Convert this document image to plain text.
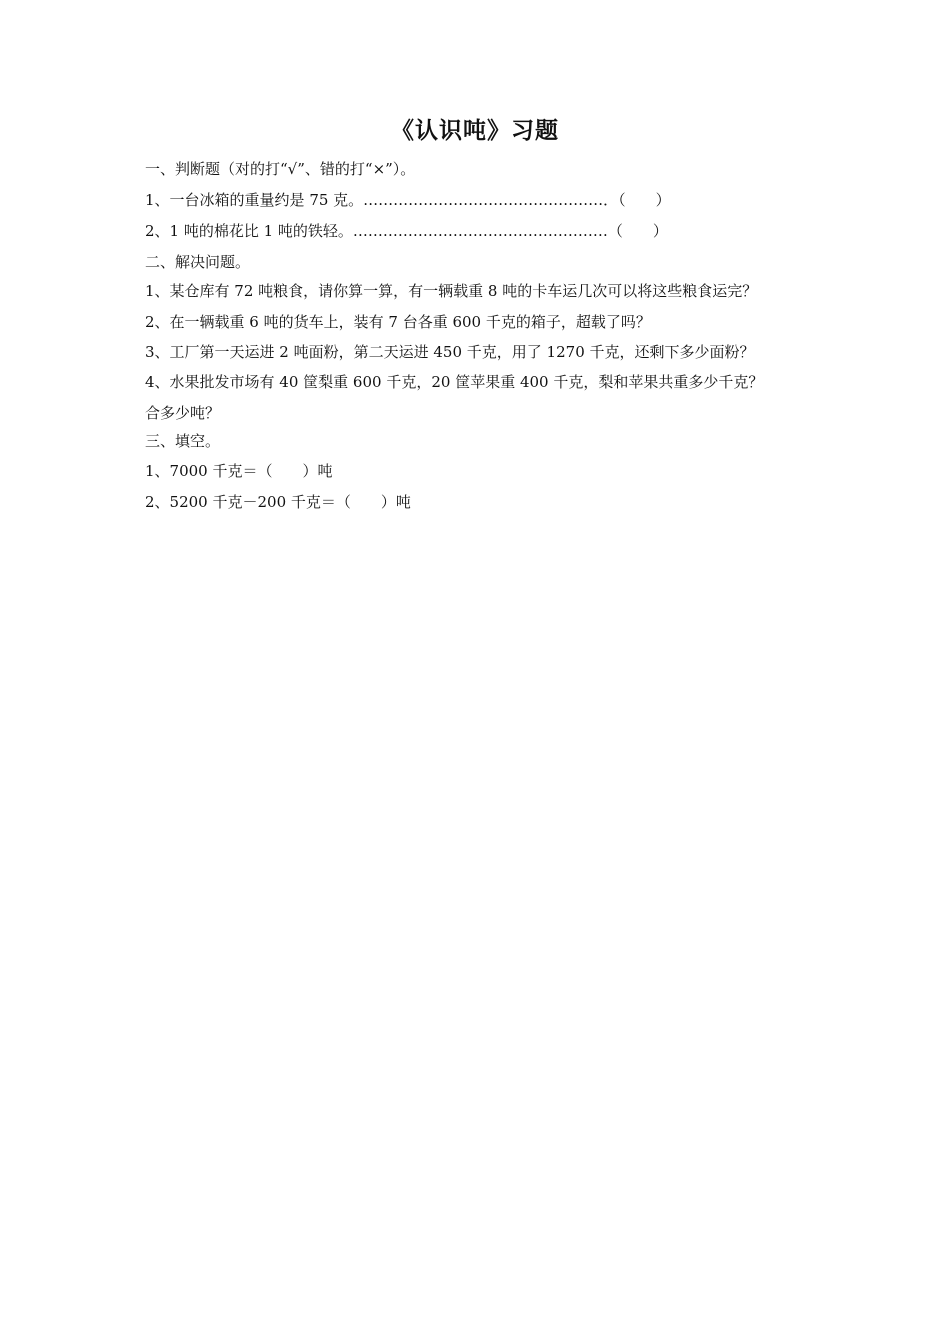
《认识吨》习题
一、判断题（对的打“√”、错的打“×”）。
1、一台冰箱的重量约是 75 克。…………………………………………．（　　）
2、1 吨的棉花比 1 吨的铁轻。……………………………………………（　　）
二、解决问题。
1、某仓库有 72 吨粮食，请你算一算，有一辆载重 8 吨的卡车运几次可以将这些粮食运完？
2、在一辆载重 6 吨的货车上，装有 7 台各重 600 千克的箱子，超载了吗？
3、工厂第一天运进 2 吨面粉，第二天运进 450 千克，用了 1270 千克，还剩下多少面粉？
4、水果批发市场有 40 筐梨重 600 千克，20 筐苹果重 400 千克，梨和苹果共重多少千克？
合多少吨？
三、填空。
1、7000 千克＝（　　）吨
2、5200 千克－200 千克＝（　　）吨
